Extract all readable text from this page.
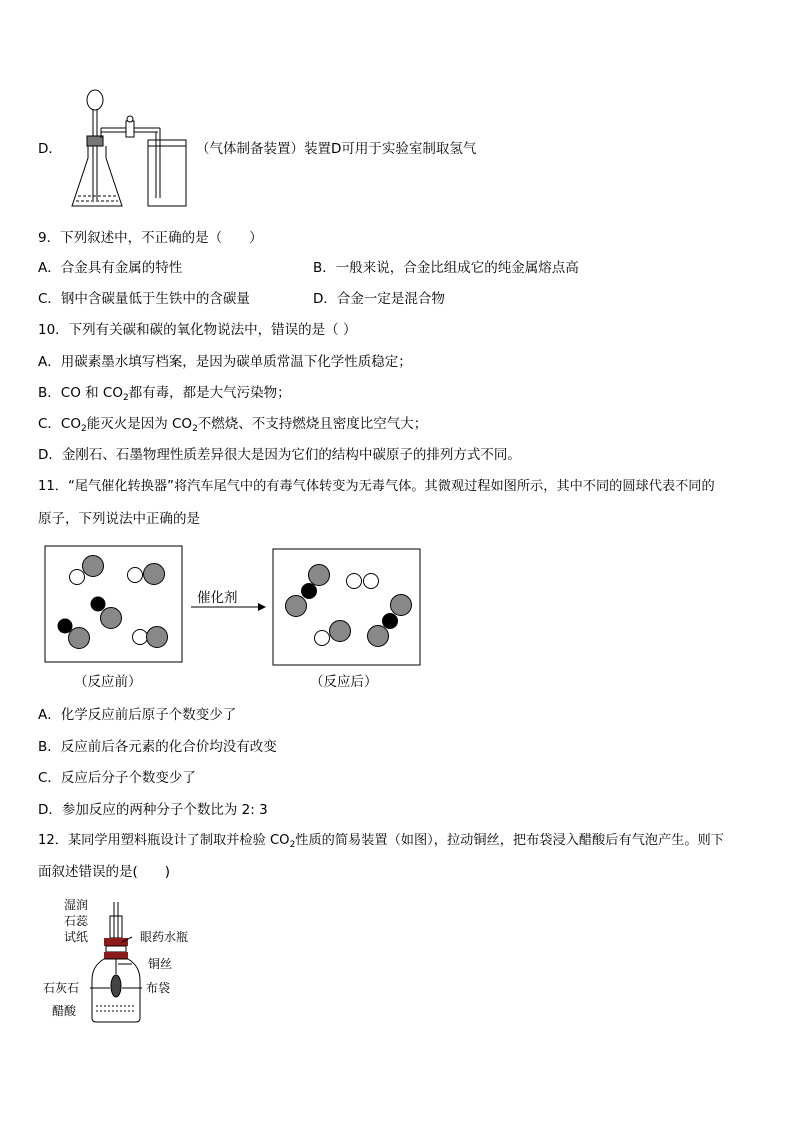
D．	（气体制备装置）装置D可用于实验室制取氢气
9．下列叙述中，不正确的是（　　）
A．合金具有金属的特性	B．一般来说，合金比组成它的纯金属熔点高
C．钢中含碳量低于生铁中的含碳量	D．合金一定是混合物
10．下列有关碳和碳的氧化物说法中，错误的是（ ）
A．用碳素墨水填写档案，是因为碳单质常温下化学性质稳定；
B．CO 和 $CO_2$都有毒，都是大气污染物；
C．$CO_2$能灭火是因为 $CO_2$不燃烧、不支持燃烧且密度比空气大；
D．金刚石、石墨物理性质差异很大是因为它们的结构中碳原子的排列方式不同。
11．“尾气催化转换器”将汽车尾气中的有毒气体转变为无毒气体。其微观过程如图所示，其中不同的圆球代表不同的
原子，下列说法中正确的是
催化剂
（反应前）	（反应后）
A．化学反应前后原子个数变少了
B．反应前后各元素的化合价均没有改变
C．反应后分子个数变少了
D．参加反应的两种分子个数比为 2: 3
12．某同学用塑料瓶设计了制取并检验 $CO_2$性质的简易装置（如图），拉动铜丝，把布袋浸入醋酸后有气泡产生。则下
面叙述错误的是(　　)
湿润
石蕊
试纸	眼药水瓶
铜丝
石灰石	布袋
醋酸
